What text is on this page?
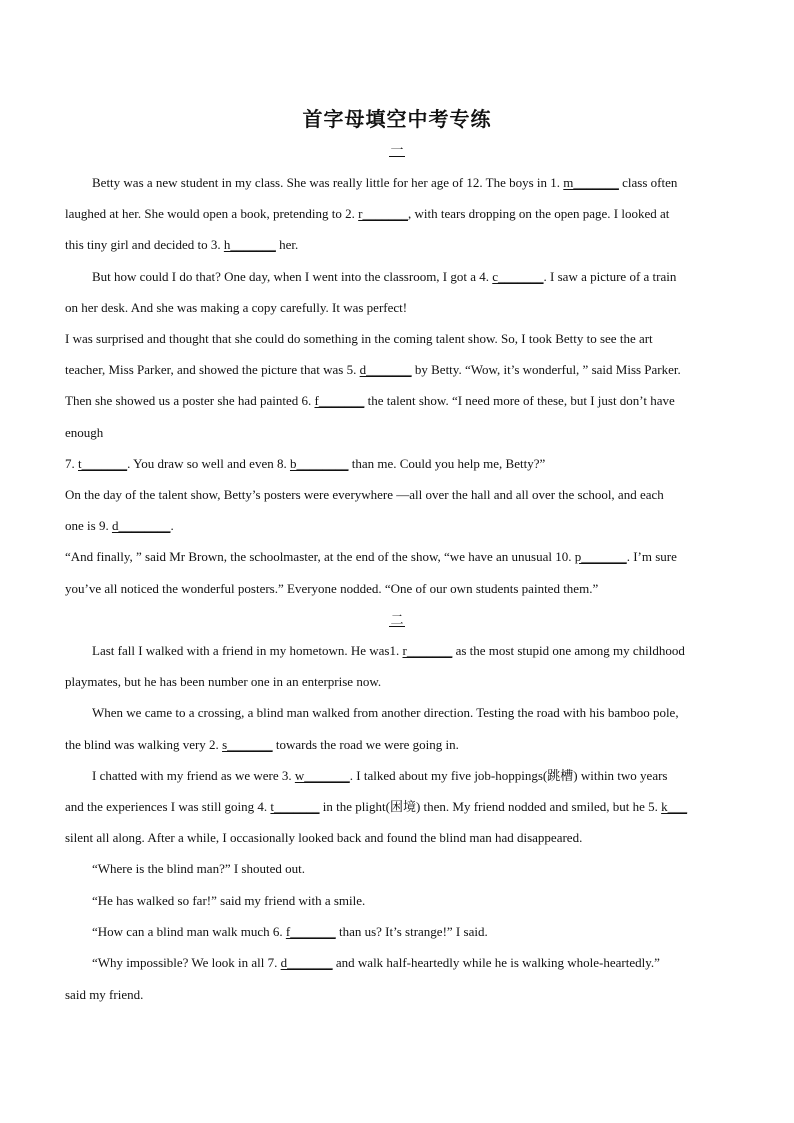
首字母填空中考专练
一
Betty was a new student in my class. She was really little for her age of 12. The boys in 1. m_______ class often
laughed at her. She would open a book, pretending to 2. r_______, with tears dropping on the open page. I looked at
this tiny girl and decided to 3. h_______ her.
But how could I do that? One day, when I went into the classroom, I got a 4. c_______. I saw a picture of a train
on her desk. And she was making a copy carefully. It was perfect!
I was surprised and thought that she could do something in the coming talent show. So, I took Betty to see the art
teacher, Miss Parker, and showed the picture that was 5. d_______ by Betty. “Wow, it’s wonderful, ” said Miss Parker.
Then she showed us a poster she had painted 6. f_______ the talent show. “I need more of these, but I just don’t have
enough
7. t_______. You draw so well and even 8. b________ than me. Could you help me, Betty?”
On the day of the talent show, Betty’s posters were everywhere —all over the hall and all over the school, and each
one is 9. d________.
“And finally, ” said Mr Brown, the schoolmaster, at the end of the show, “we have an unusual 10. p_______. I’m sure
you’ve all noticed the wonderful posters.” Everyone nodded. “One of our own students painted them.”
二
Last fall I walked with a friend in my hometown. He was1. r_______ as the most stupid one among my childhood
playmates, but he has been number one in an enterprise now.
When we came to a crossing, a blind man walked from another direction. Testing the road with his bamboo pole,
the blind was walking very 2. s_______ towards the road we were going in.
I chatted with my friend as we were 3. w_______. I talked about my five job-hoppings(跳槽) within two years
and the experiences I was still going 4. t_______ in the plight(困境) then. My friend nodded and smiled, but he 5. k___
silent all along. After a while, I occasionally looked back and found the blind man had disappeared.
“Where is the blind man?” I shouted out.
“He has walked so far!” said my friend with a smile.
“How can a blind man walk much 6. f_______ than us? It’s strange!” I said.
“Why impossible? We look in all 7. d_______ and walk half-heartedly while he is walking whole-heartedly.”
said my friend.
